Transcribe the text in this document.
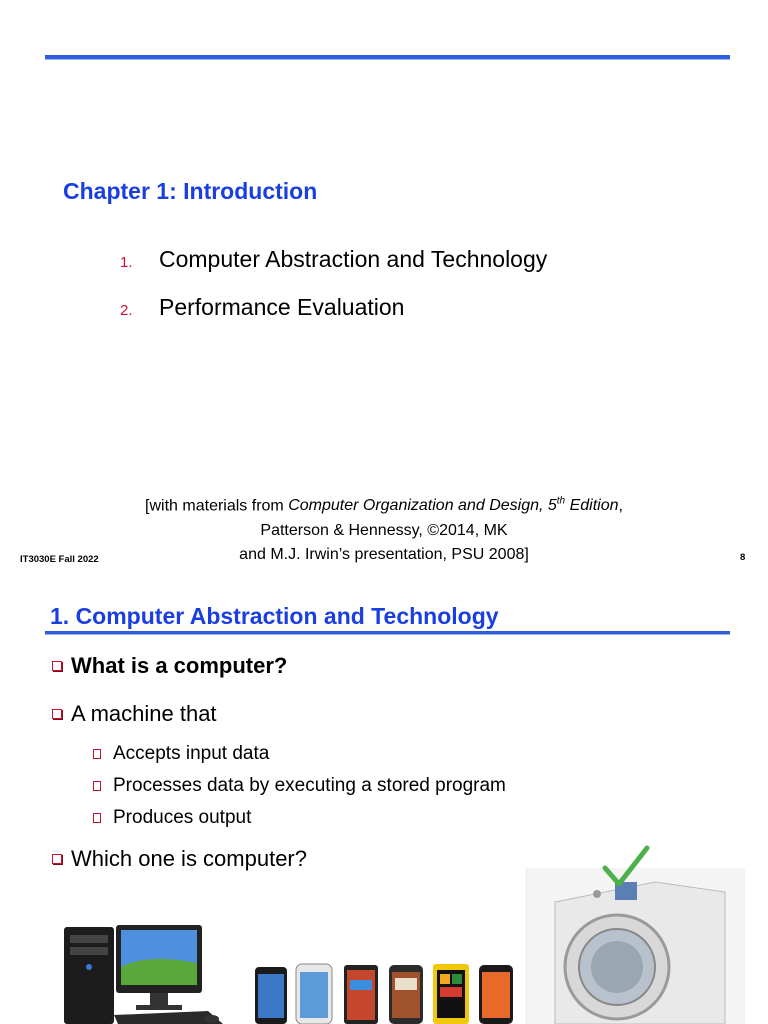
Chapter 1: Introduction
1.	Computer Abstraction and Technology
2.	Performance Evaluation
[with materials from Computer Organization and Design, 5th Edition,
Patterson & Hennessy, ©2014, MK
and M.J. Irwin’s presentation, PSU 2008]
IT3030E Fall 2022	8
1. Computer Abstraction and Technology
What is a computer?
A machine that
Accepts input data
Processes data by executing a stored program
Produces output
Which one is computer?
